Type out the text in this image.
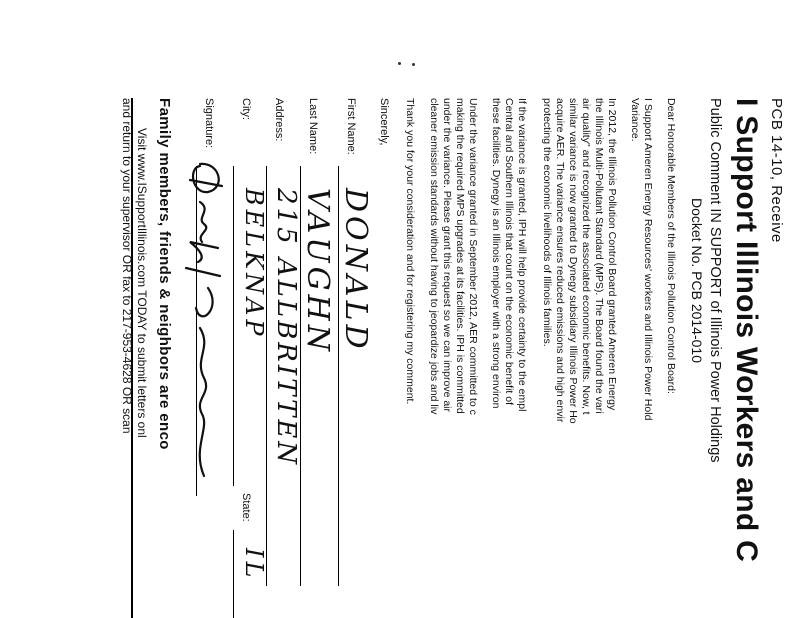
PCB 14-10, Receive
I Support Illinois Workers and C
Public Comment IN SUPPORT of Illinois Power Holdings
Docket No. PCB 2014-010
Dear Honorable Members of the Illinois Pollution Control Board:
I Support Ameren Energy Resources' workers and Illinois Power Hold
Variance.
In 2012, the Illinois Pollution Control Board granted Ameren Energy
the Illinois Multi-Pollutant Standard (MPS). The Board found the vari
air quality" and recognized the associated economic benefits. Now, t
similar variance is now granted to Dynegy subsidiary Illinois Power Ho
acquire AER. The variance ensures reduced emissions and high envir
protecting the economic livelihoods of Illinois families.
If the variance is granted, IPH will help provide certainty to the empl
Central and Southern Illinois that count on the economic benefit of
these facilities. Dynegy is an Illinois employer with a strong environ
Under the variance granted in September 2012, AER committed to c
making the required MPS upgrades at its facilities. IPH is committed
under the variance. Please grant this request so we can improve air
cleaner emission standards without having to jeopardize jobs and liv
Thank you for your consideration and for registering my comment.
Sincerely,
First Name:
DONALD
Last Name:
VAUGHN
Address:
215 ALLBRITTEN
City:
BELKNAP
State:
IL
Signature:
Family members, friends & neighbors are enco
Visit www.ISupportIllinois.com TODAY to submit letters onl
and return to your supervisor OR fax to 217-953-4628 OR scan
